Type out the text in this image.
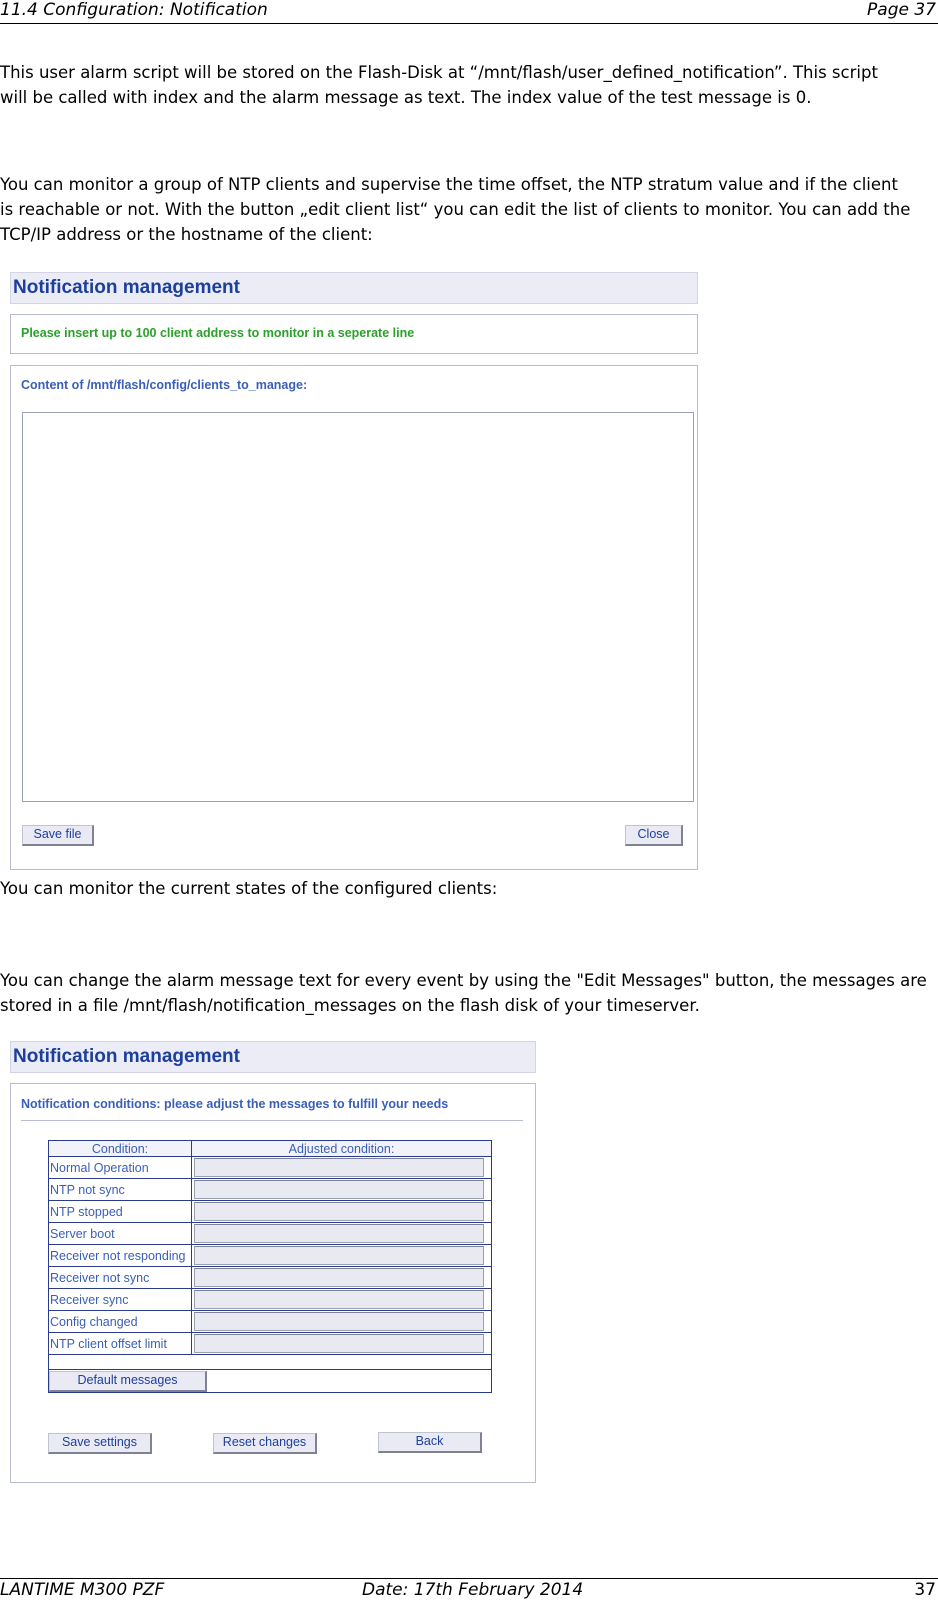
11.4 Configuration: Notification	Page 37
This user alarm script will be stored on the Flash-Disk at “/mnt/flash/user_defined_notification”. This script
will be called with index and the alarm message as text. The index value of the test message is 0.
You can monitor a group of NTP clients and supervise the time offset, the NTP stratum value and if the client
is reachable or not. With the button „edit client list“ you can edit the list of clients to monitor. You can add the
TCP/IP address or the hostname of the client:
Notification management
Please insert up to 100 client address to monitor in a seperate line
Content of /mnt/flash/config/clients_to_manage:
Save file	Close
You can monitor the current states of the configured clients:
You can change the alarm message text for every event by using the "Edit Messages" button, the messages are
stored in a file /mnt/flash/notification_messages on the flash disk of your timeserver.
Notification management
Notification conditions: please adjust the messages to fulfill your needs
Condition:	Adjusted condition:
Normal Operation	

NTP not sync	

NTP stopped	

Server boot	

Receiver not responding	

Receiver not sync	

Receiver sync	

Config changed	

NTP client offset limit	

Default messages	
Save settings	Reset changes	Back
LANTIME M300 PZF	Date: 17th February 2014	37
